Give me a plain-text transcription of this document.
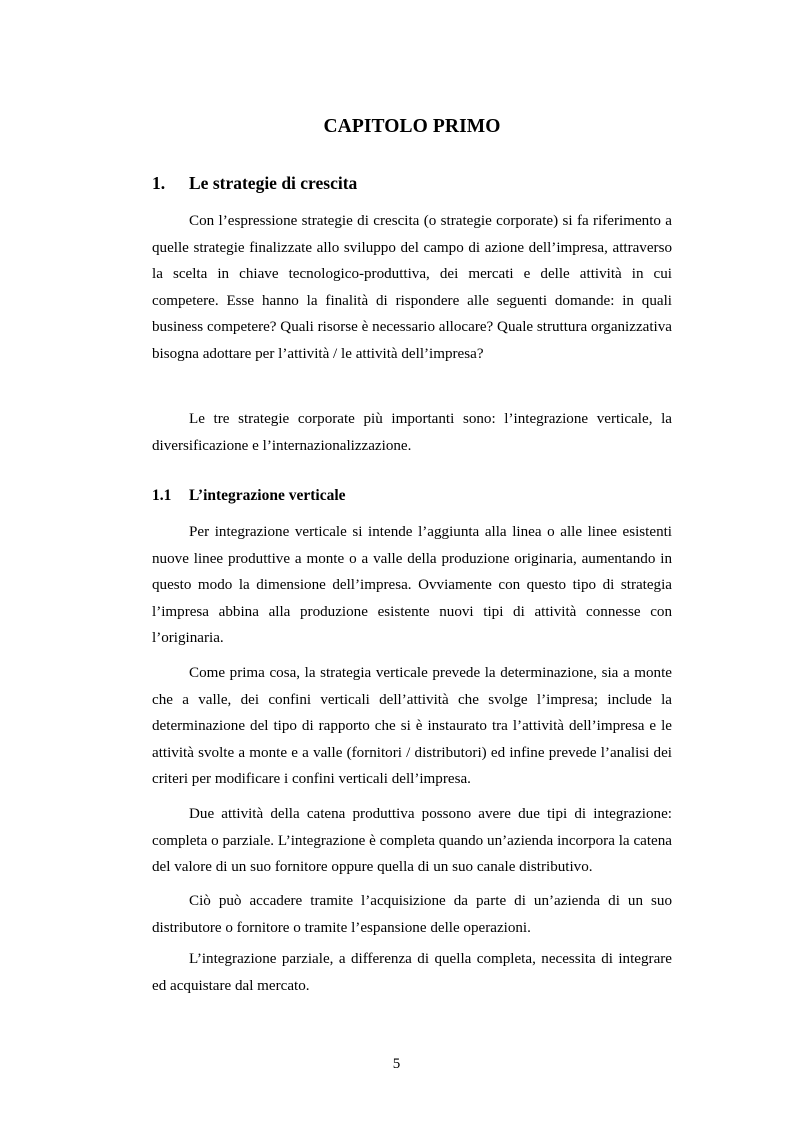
CAPITOLO PRIMO
1. Le strategie di crescita

Con l’espressione strategie di crescita (o strategie corporate) si fa riferimento a quelle strategie finalizzate allo sviluppo del campo di azione dell’impresa, attraverso la scelta in chiave tecnologico-produttiva, dei mercati e delle attività in cui competere. Esse hanno la finalità di rispondere alle seguenti domande: in quali business competere? Quali risorse è necessario allocare? Quale struttura organizzativa bisogna adottare per l’attività / le attività dell’impresa?

Le tre strategie corporate più importanti sono: l’integrazione verticale, la diversificazione e l’internazionalizzazione.

1.1 L’integrazione verticale

Per integrazione verticale si intende l’aggiunta alla linea o alle linee esistenti nuove linee produttive a monte o a valle della produzione originaria, aumentando in questo modo la dimensione dell’impresa. Ovviamente con questo tipo di strategia l’impresa abbina alla produzione esistente nuovi tipi di attività connesse con l’originaria.

Come prima cosa, la strategia verticale prevede la determinazione, sia a monte che a valle, dei confini verticali dell’attività che svolge l’impresa; include la determinazione del tipo di rapporto che si è instaurato tra l’attività dell’impresa e le attività svolte a monte e a valle (fornitori / distributori) ed infine prevede l’analisi dei criteri per modificare i confini verticali dell’impresa.

Due attività della catena produttiva possono avere due tipi di integrazione: completa o parziale. L’integrazione è completa quando un’azienda incorpora la catena del valore di un suo fornitore oppure quella di un suo canale distributivo.

Ciò può accadere tramite l’acquisizione da parte di un’azienda di un suo distributore o fornitore o tramite l’espansione delle operazioni.

L’integrazione parziale, a differenza di quella completa, necessita di integrare ed acquistare dal mercato.

5
